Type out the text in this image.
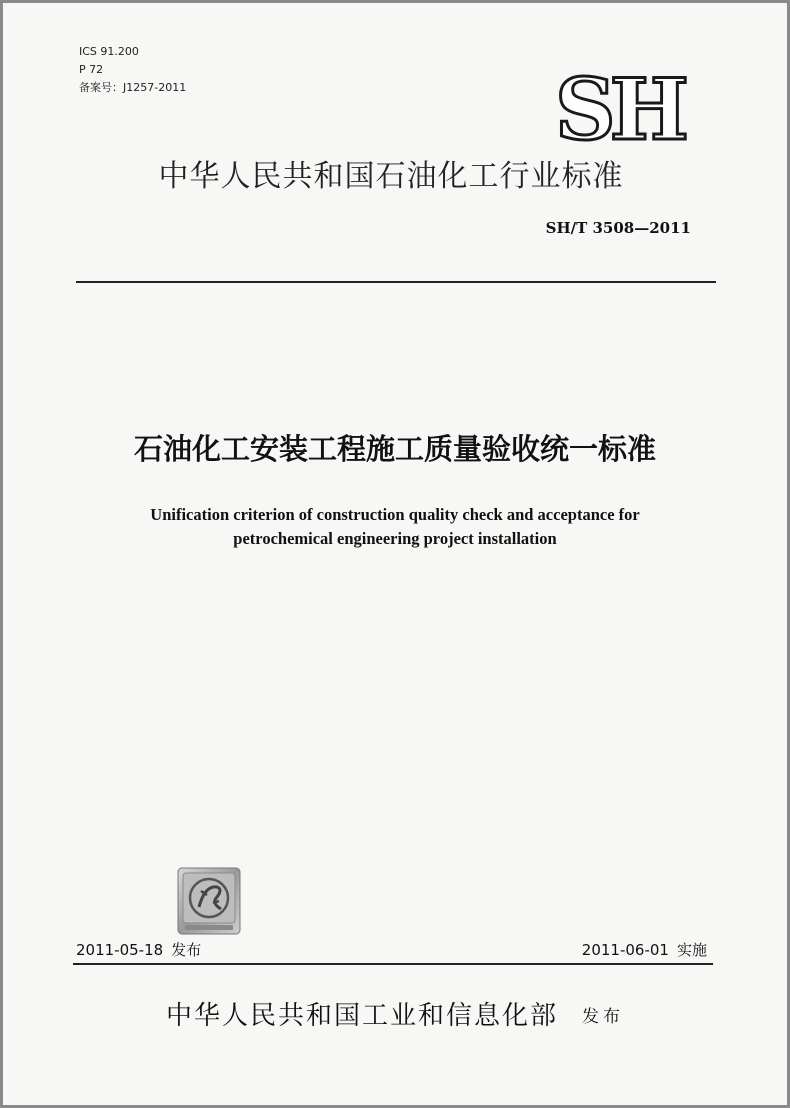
ICS 91.200
P 72
备案号：J1257-2011	SH
中华人民共和国石油化工行业标准
SH/T 3508—2011
石油化工安装工程施工质量验收统一标准
Unification criterion of construction quality check and acceptance for
petrochemical engineering project installation
2011-05-18 发布	2011-06-01 实施
中华人民共和国工业和信息化部 发布
